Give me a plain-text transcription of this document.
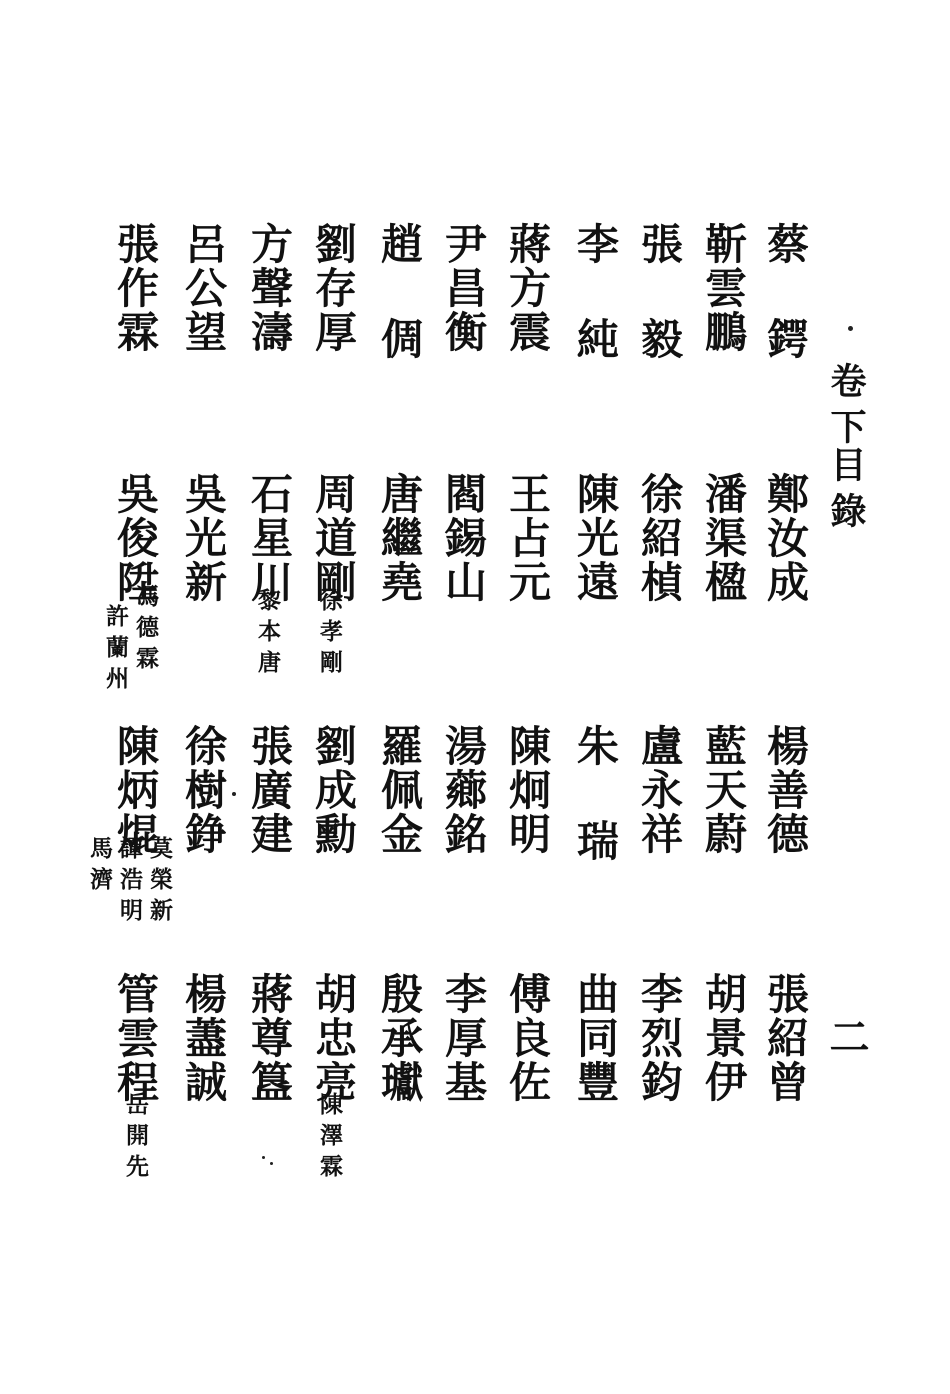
卷下
目錄
二
蔡 鍔
靳雲鵬
張 毅
李 純
蔣方震
尹昌衡
趙 倜
劉存厚
方聲濤
呂公望
張作霖
鄭汝成
潘渠楹
徐紹楨
陳光遠
王占元
閻錫山
唐繼堯
周道剛
石星川
吳光新
吳俊陞
徐孝剛
黎本唐
馮德霖
許蘭州
楊善德
藍天蔚
盧永祥
朱 瑞
陳炯明
湯薌銘
羅佩金
劉成勳
張廣建
徐樹錚
陳炳焜
莫榮新
譚浩明
馬濟
張紹曾
胡景伊
李烈鈞
曲同豐
傅良佐
李厚基
殷承瓛
胡忠亮
蔣尊簋
楊藎誠
管雲程
陳澤霖
岳開先
